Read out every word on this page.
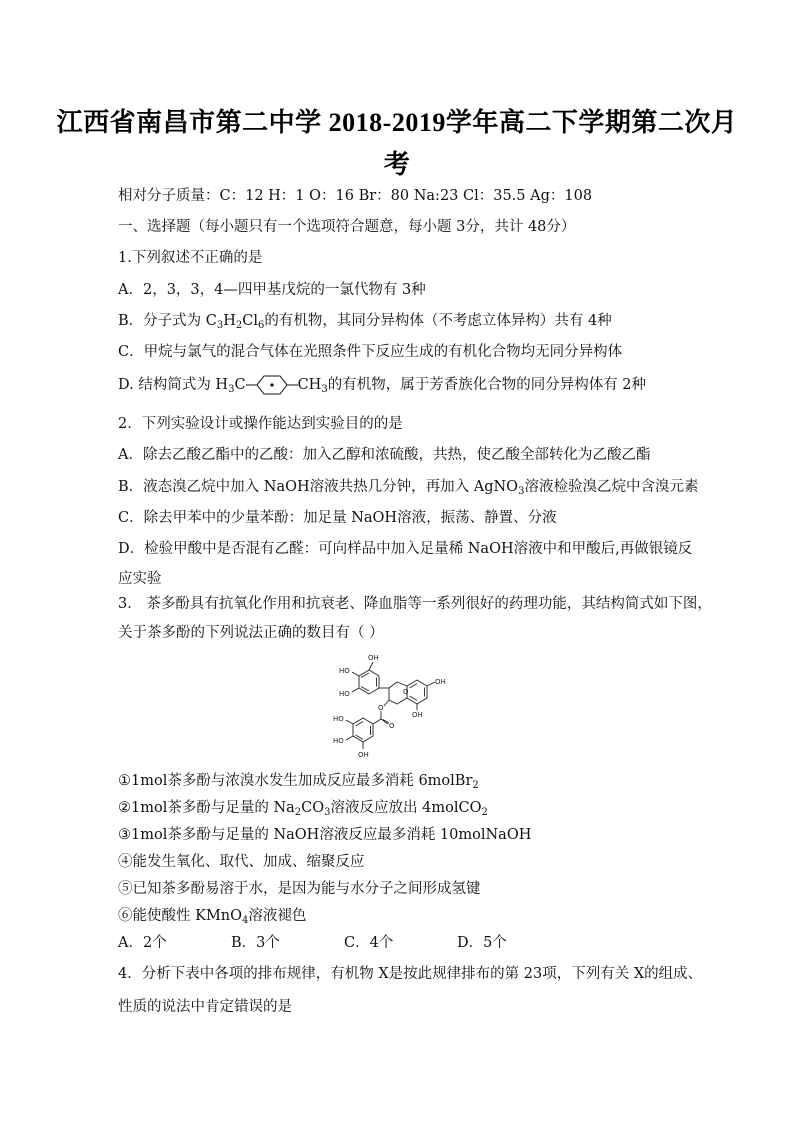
江西省南昌市第二中学 2018-2019学年高二下学期第二次月
考
相对分子质量：C：12 H：1 O：16 Br：80 Na:23 Cl：35.5 Ag：108
一、选择题（每小题只有一个选项符合题意，每小题 3分，共计 48分）
1.下列叙述不正确的是
A．2，3，3，4—四甲基戊烷的一氯代物有 3种
B．分子式为 $C_3H_2Cl_6$的有机物，其同分异构体（不考虑立体异构）共有 4种
C．甲烷与氯气的混合气体在光照条件下反应生成的有机化合物均无同分异构体
D. 结构简式为 $H_3C$	$CH_3$的有机物，属于芳香族化合物的同分异构体有 2种
2．下列实验设计或操作能达到实验目的的是
A．除去乙酸乙酯中的乙酸：加入乙醇和浓硫酸，共热，使乙酸全部转化为乙酸乙酯
B．液态溴乙烷中加入 NaOH溶液共热几分钟，再加入 AgNO$_3$溶液检验溴乙烷中含溴元素
C．除去甲苯中的少量苯酚：加足量 NaOH溶液，振荡、静置、分液
D．检验甲酸中是否混有乙醛：可向样品中加入足量稀 NaOH溶液中和甲酸后,再做银镜反
应实验
3． 茶多酚具有抗氧化作用和抗衰老、降血脂等一系列很好的药理功能，其结构简式如下图，
关于茶多酚的下列说法正确的数目有（ ）
OH
HO
HO	O
OH
OH
O
O
HO
HO
OH
①1mol茶多酚与浓溴水发生加成反应最多消耗 6molBr$_2$
②1mol茶多酚与足量的 $Na_2CO_3$溶液反应放出 4molCO$_2$
③1mol茶多酚与足量的 NaOH溶液反应最多消耗 10molNaOH
④能发生氧化、取代、加成、缩聚反应
⑤已知茶多酚易溶于水，是因为能与水分子之间形成氢键
⑥能使酸性 KMnO$_4$溶液褪色
A．2个	B．3个	C．4个	D．5个
4．分析下表中各项的排布规律，有机物 X是按此规律排布的第 23项，下列有关 X的组成、
性质的说法中肯定错误的是
